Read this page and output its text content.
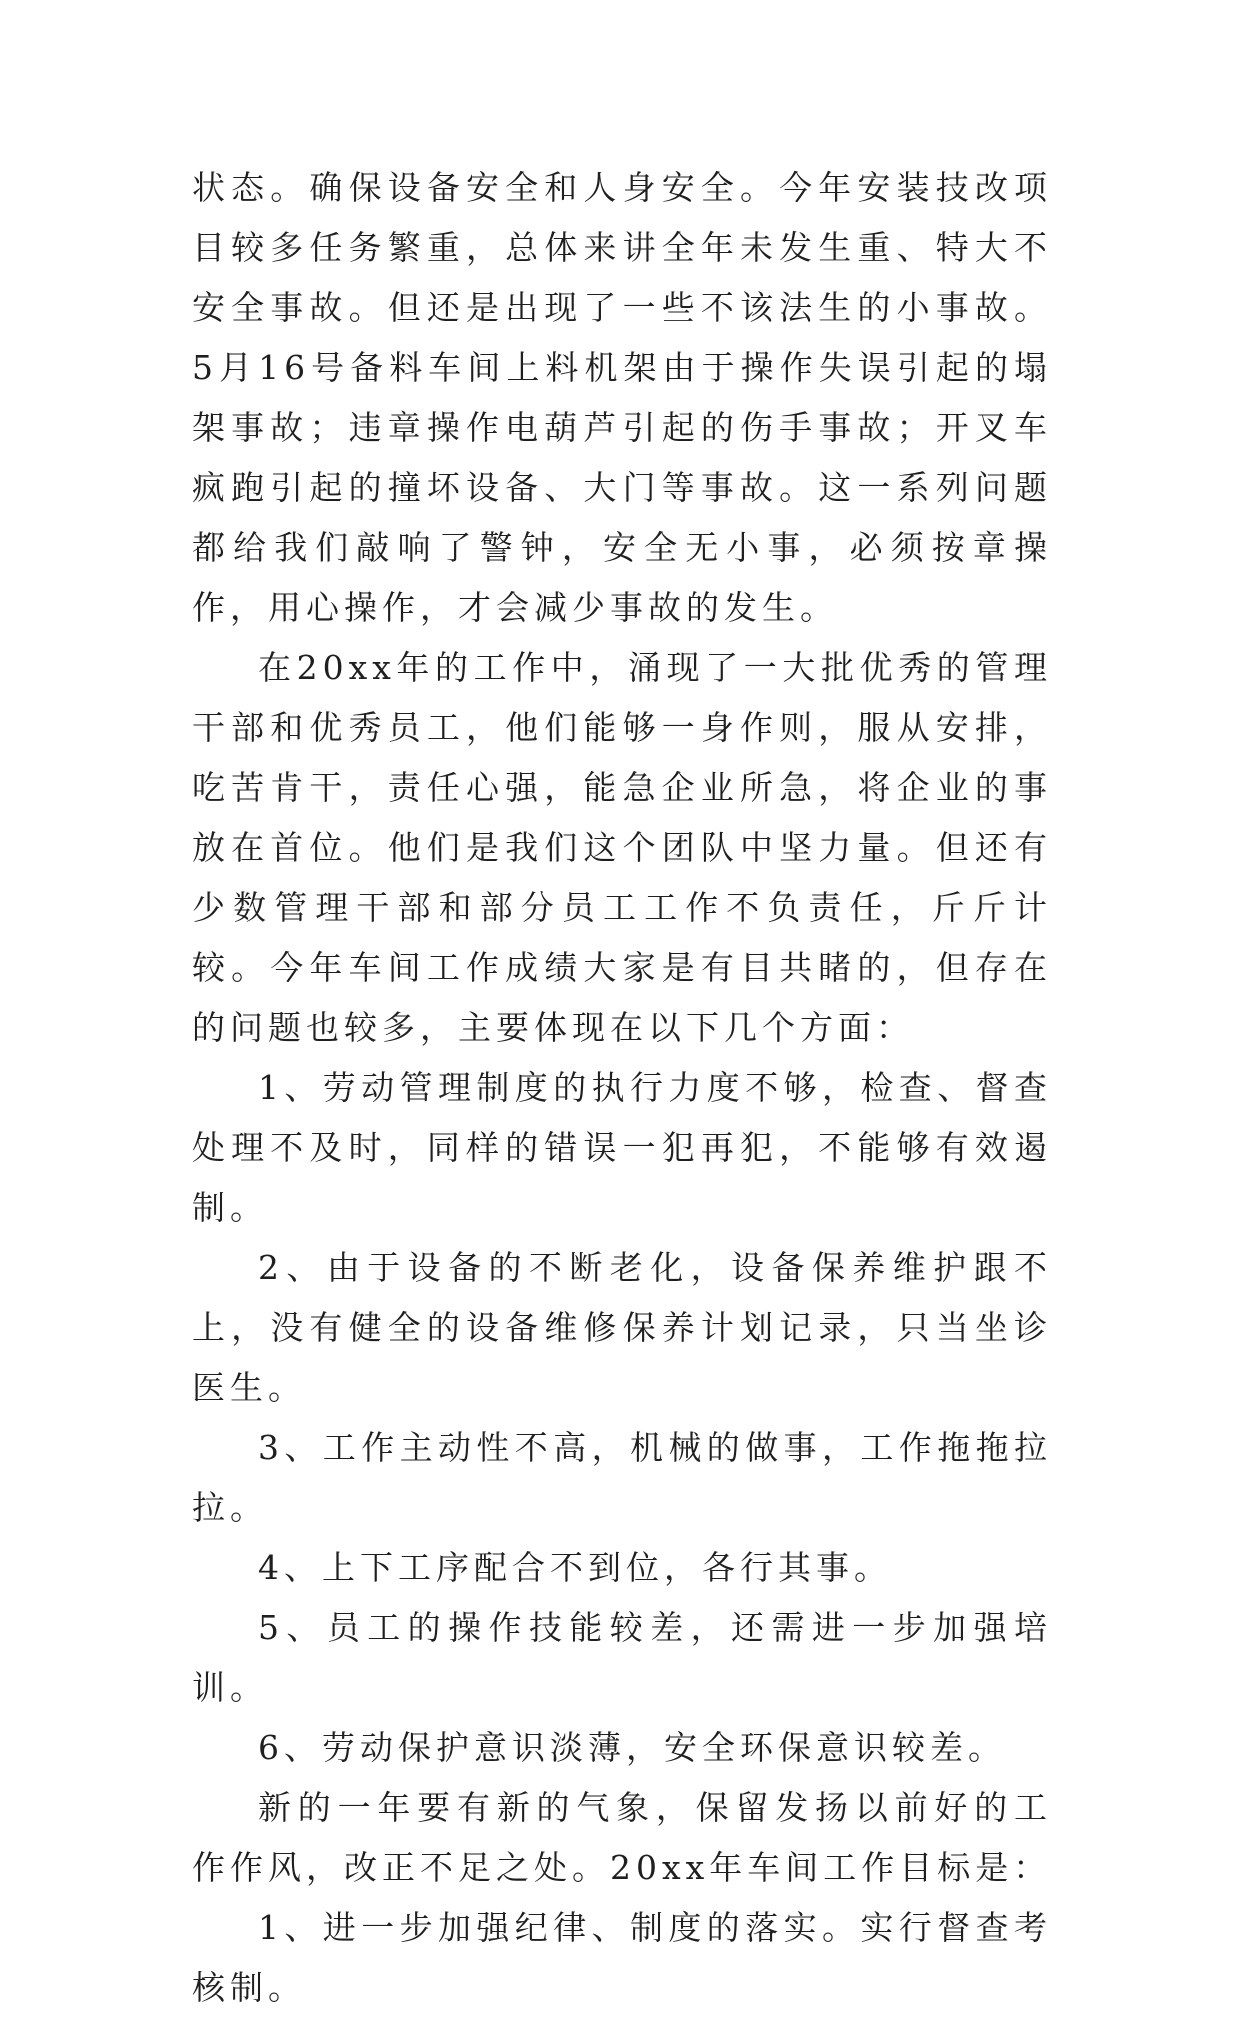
状态。确保设备安全和人身安全。今年安装技改项目较多任务繁重，总体来讲全年未发生重、特大不安全事故。但还是出现了一些不该法生的小事故。5月16号备料车间上料机架由于操作失误引起的塌架事故；违章操作电葫芦引起的伤手事故；开叉车疯跑引起的撞坏设备、大门等事故。这一系列问题都给我们敲响了警钟，安全无小事，必须按章操作，用心操作，才会减少事故的发生。

在20xx年的工作中，涌现了一大批优秀的管理干部和优秀员工，他们能够一身作则，服从安排，吃苦肯干，责任心强，能急企业所急，将企业的事放在首位。他们是我们这个团队中坚力量。但还有少数管理干部和部分员工工作不负责任，斤斤计较。今年车间工作成绩大家是有目共睹的，但存在的问题也较多，主要体现在以下几个方面：

1、劳动管理制度的执行力度不够，检查、督查处理不及时，同样的错误一犯再犯，不能够有效遏制。

2、由于设备的不断老化，设备保养维护跟不上，没有健全的设备维修保养计划记录，只当坐诊医生。

3、工作主动性不高，机械的做事，工作拖拖拉拉。

4、上下工序配合不到位，各行其事。

5、员工的操作技能较差，还需进一步加强培训。

6、劳动保护意识淡薄，安全环保意识较差。

新的一年要有新的气象，保留发扬以前好的工作作风，改正不足之处。20xx年车间工作目标是：

1、进一步加强纪律、制度的落实。实行督查考核制。
